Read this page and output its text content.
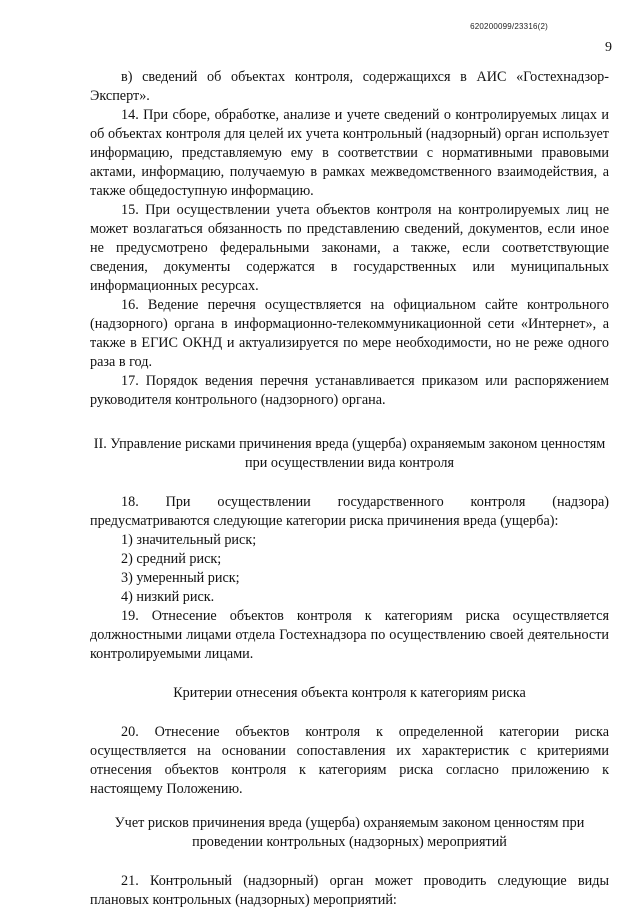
620200099/23316(2)
9

в) сведений об объектах контроля, содержащихся в АИС «Гостехнадзор-Эксперт».

14. При сборе, обработке, анализе и учете сведений о контролируемых лицах и об объектах контроля для целей их учета контрольный (надзорный) орган использует информацию, представляемую ему в соответствии с нормативными правовыми актами, информацию, получаемую в рамках межведомственного взаимодействия, а также общедоступную информацию.

15. При осуществлении учета объектов контроля на контролируемых лиц не может возлагаться обязанность по представлению сведений, документов, если иное не предусмотрено федеральными законами, а также, если соответствующие сведения, документы содержатся в государственных или муниципальных информационных ресурсах.

16. Ведение перечня осуществляется на официальном сайте контрольного (надзорного) органа в информационно-телекоммуникационной сети «Интернет», а также в ЕГИС ОКНД и актуализируется по мере необходимости, но не реже одного раза в год.

17. Порядок ведения перечня устанавливается приказом или распоряжением руководителя контрольного (надзорного) органа.

II. Управление рисками причинения вреда (ущерба) охраняемым законом ценностям при осуществлении вида контроля

18. При осуществлении государственного контроля (надзора) предусматриваются следующие категории риска причинения вреда (ущерба):

1) значительный риск;

2) средний риск;

3) умеренный риск;

4) низкий риск.

19. Отнесение объектов контроля к категориям риска осуществляется должностными лицами отдела Гостехнадзора по осуществлению своей деятельности контролируемыми лицами.

Критерии отнесения объекта контроля к категориям риска

20. Отнесение объектов контроля к определенной категории риска осуществляется на основании сопоставления их характеристик с критериями отнесения объектов контроля к категориям риска согласно приложению к настоящему Положению.

Учет рисков причинения вреда (ущерба) охраняемым законом ценностям при проведении контрольных (надзорных) мероприятий

21. Контрольный (надзорный) орган может проводить следующие виды плановых контрольных (надзорных) мероприятий:
